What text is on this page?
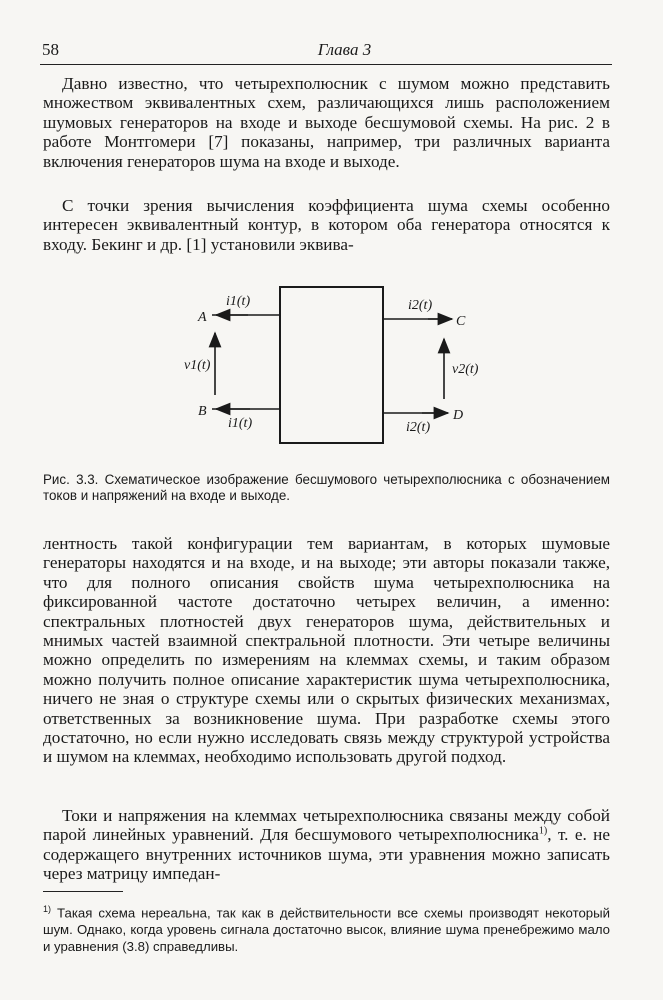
58	Глава 3

Давно известно, что четырехполюсник с шумом можно представить множеством эквивалентных схем, различающихся лишь расположением шумовых генераторов на входе и выходе бесшумовой схемы. На рис. 2 в работе Монтгомери [7] показаны, например, три различных варианта включения генераторов шума на входе и выходе.

С точки зрения вычисления коэффициента шума схемы особенно интересен эквивалентный контур, в котором оба генератора относятся к входу. Бекинг и др. [1] установили эквива-

A
B
C
D
i1(t)
i1(t)
i2(t)
i2(t)
v1(t)	v2(t)
Рис. 3.3. Схематическое изображение бесшумового четырехполюсника с обозначением токов и напряжений на входе и выходе.

лентность такой конфигурации тем вариантам, в которых шумовые генераторы находятся и на входе, и на выходе; эти авторы показали также, что для полного описания свойств шума четырехполюсника на фиксированной частоте достаточно четырех величин, а именно: спектральных плотностей двух генераторов шума, действительных и мнимых частей взаимной спектральной плотности. Эти четыре величины можно определить по измерениям на клеммах схемы, и таким образом можно получить полное описание характеристик шума четырехполюсника, ничего не зная о структуре схемы или о скрытых физических механизмах, ответственных за возникновение шума. При разработке схемы этого достаточно, но если нужно исследовать связь между структурой устройства и шумом на клеммах, необходимо использовать другой подход.

Токи и напряжения на клеммах четырехполюсника связаны между собой парой линейных уравнений. Для бесшумового четырехполюсника$^{1)}$, т. е. не содержащего внутренних источников шума, эти уравнения можно записать через матрицу импедан-

$^{1)}$ Такая схема нереальна, так как в действительности все схемы производят некоторый шум. Однако, когда уровень сигнала достаточно высок, влияние шума пренебрежимо мало и уравнения (3.8) справедливы.
